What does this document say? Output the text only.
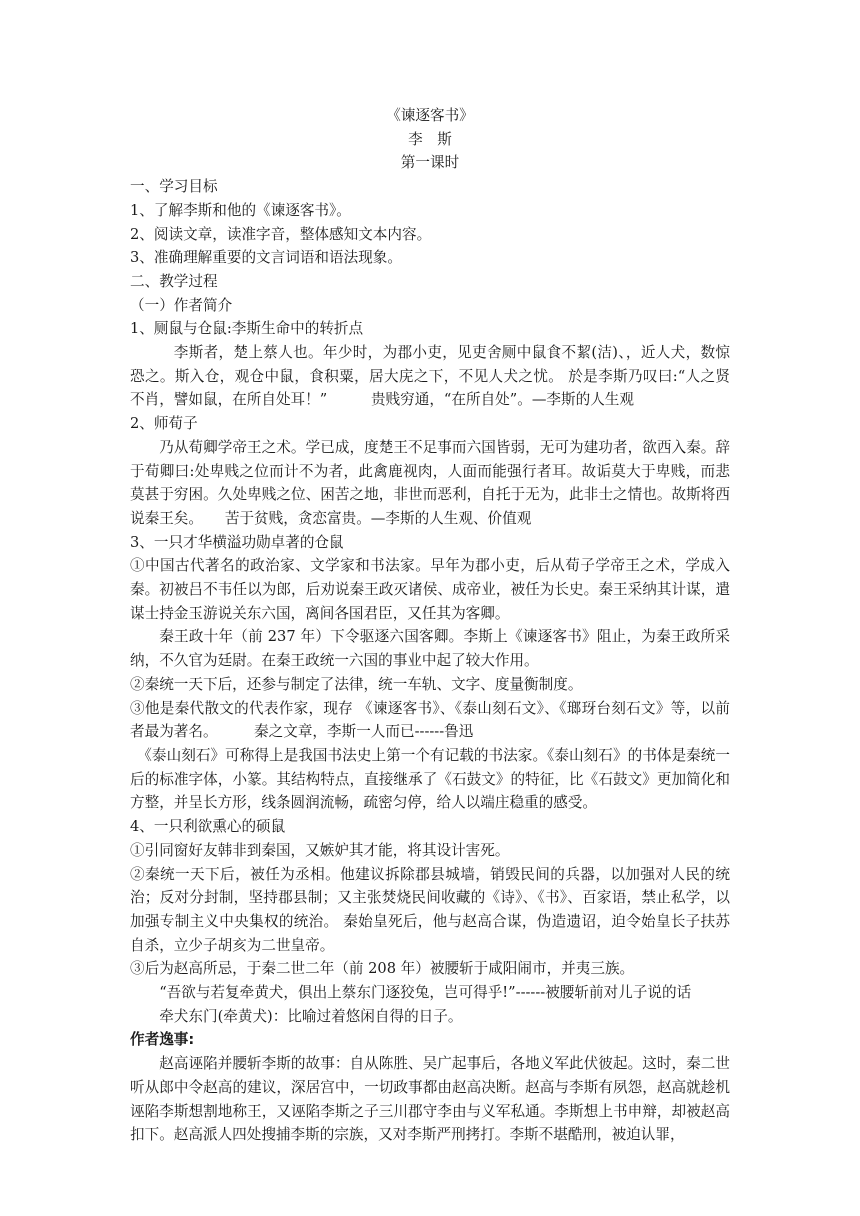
《谏逐客书》

李　斯

第一课时

一、学习目标

1、了解李斯和他的《谏逐客书》。

2、阅读文章，读准字音，整体感知文本内容。

3、准确理解重要的文言词语和语法现象。

二、教学过程

（一）作者简介

1、厕鼠与仓鼠:李斯生命中的转折点

李斯者，楚上蔡人也。年少时，为郡小吏，见吏舍厕中鼠食不絜(洁)、，近人犬，数惊恐之。斯入仓，观仓中鼠，食积粟，居大庑之下，不见人犬之忧。 於是李斯乃叹曰:“人之贤不肖，譬如鼠，在所自处耳！”　　　贵贱穷通，“在所自处”。—李斯的人生观

2、师荀子

乃从荀卿学帝王之术。学已成，度楚王不足事而六国皆弱，无可为建功者，欲西入秦。辞于荀卿曰:处卑贱之位而计不为者，此禽鹿视肉，人面而能强行者耳。故诟莫大于卑贱，而悲莫甚于穷困。久处卑贱之位、困苦之地，非世而恶利，自托于无为，此非士之情也。故斯将西说秦王矣。　　苦于贫贱，贪恋富贵。—李斯的人生观、价值观

3、一只才华横溢功勋卓著的仓鼠

①中国古代著名的政治家、文学家和书法家。早年为郡小吏，后从荀子学帝王之术，学成入秦。初被吕不韦任以为郎，后劝说秦王政灭诸侯、成帝业，被任为长史。秦王采纳其计谋，遣谋士持金玉游说关东六国，离间各国君臣，又任其为客卿。

秦王政十年（前 237 年）下令驱逐六国客卿。李斯上《谏逐客书》阻止，为秦王政所采纳，不久官为廷尉。在秦王政统一六国的事业中起了较大作用。

②秦统一天下后，还参与制定了法律，统一车轨、文字、度量衡制度。

③他是秦代散文的代表作家，现存 《谏逐客书》、《泰山刻石文》、《瑯玡台刻石文》等，以前者最为著名。　　　秦之文章，李斯一人而已------鲁迅

《泰山刻石》可称得上是我国书法史上第一个有记载的书法家。《泰山刻石》的书体是秦统一后的标准字体，小篆。其结构特点，直接继承了《石鼓文》的特征，比《石鼓文》更加简化和方整，并呈长方形，线条圆润流畅，疏密匀停，给人以端庄稳重的感受。

4、一只利欲熏心的硕鼠

①引同窗好友韩非到秦国，又嫉妒其才能，将其设计害死。

②秦统一天下后，被任为丞相。他建议拆除郡县城墙，销毁民间的兵器，以加强对人民的统治；反对分封制，坚持郡县制；又主张焚烧民间收藏的《诗》、《书》、百家语，禁止私学，以加强专制主义中央集权的统治。 秦始皇死后，他与赵高合谋，伪造遗诏，迫令始皇长子扶苏自杀，立少子胡亥为二世皇帝。

③后为赵高所忌，于秦二世二年（前 208 年）被腰斩于咸阳闹市，并夷三族。

“吾欲与若复牵黄犬，俱出上蔡东门逐狡兔，岂可得乎!”------被腰斩前对儿子说的话

牵犬东门(牵黄犬)：比喻过着悠闲自得的日子。

作者逸事:

赵高诬陷并腰斩李斯的故事：自从陈胜、吴广起事后，各地义军此伏彼起。这时，秦二世听从郎中令赵高的建议，深居宫中，一切政事都由赵高决断。赵高与李斯有夙怨，赵高就趁机诬陷李斯想割地称王，又诬陷李斯之子三川郡守李由与义军私通。李斯想上书申辩，却被赵高扣下。赵高派人四处搜捕李斯的宗族，又对李斯严刑拷打。李斯不堪酷刑，被迫认罪，
